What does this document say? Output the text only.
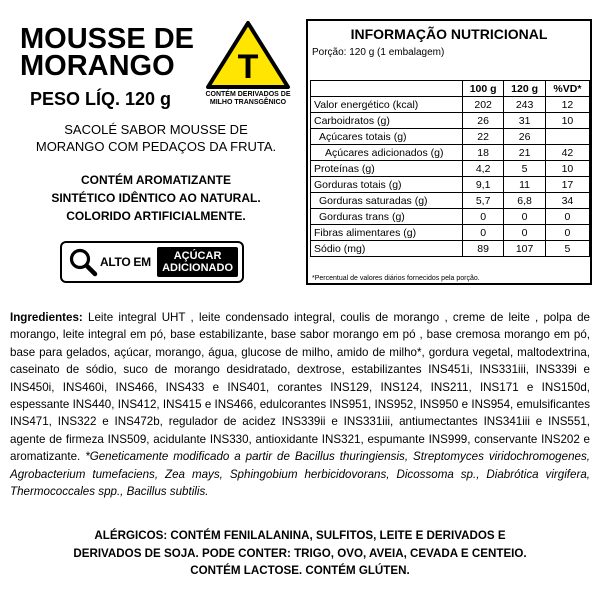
MOUSSE DE
MORANGO	T
CONTÉM DERIVADOS DE
MILHO TRANSGÊNICO
PESO LÍQ. 120 g
SACOLÉ SABOR MOUSSE DE
MORANGO COM PEDAÇOS DA FRUTA.
CONTÉM AROMATIZANTE
SINTÉTICO IDÊNTICO AO NATURAL.
COLORIDO ARTIFICIALMENTE.
ALTO EM	AÇÚCAR
ADICIONADO
INFORMAÇÃO NUTRICIONAL
Porção: 120 g (1 embalagem)
	100 g	120 g	%VD*
Valor energético (kcal)	202	243	12
Carboidratos (g)	26	31	10
Açúcares totais (g)	22	26	
Açúcares adicionados (g)	18	21	42
Proteínas (g)	4,2	5	10
Gorduras totais (g)	9,1	11	17
Gorduras saturadas (g)	5,7	6,8	34
Gorduras trans (g)	0	0	0
Fibras alimentares (g)	0	0	0
Sódio (mg)	89	107	5
*Percentual de valores diários fornecidos pela porção.

Ingredientes: Leite integral UHT , leite condensado integral, coulis de morango , creme de leite , polpa de morango, leite integral em pó, base estabilizante, base sabor morango em pó , base cremosa morango em pó, base para gelados, açúcar, morango, água, glucose de milho, amido de milho*, gordura vegetal, maltodextrina, caseinato de sódio, suco de morango desidratado, dextrose, estabilizantes INS451i, INS331iii, INS339i e INS450i, INS460i, INS466, INS433 e INS401, corantes INS129, INS124, INS211, INS171 e INS150d, espessante INS440, INS412, INS415 e INS466, edulcorantes INS951, INS952, INS950 e INS954, emulsificantes INS471, INS322 e INS472b, regulador de acidez INS339ii e INS331iii, antiumectantes INS341iii e INS551, agente de firmeza INS509, acidulante INS330, antioxidante INS321, espumante INS999, conservante INS202 e aromatizante. *Geneticamente modificado a partir de Bacillus thuringiensis, Streptomyces viridochromogenes, Agrobacterium tumefaciens, Zea mays, Sphingobium herbicidovorans, Dicossoma sp., Diabrótica virgifera, Thermococcales spp., Bacillus subtilis.

ALÉRGICOS: CONTÉM FENILALANINA, SULFITOS, LEITE E DERIVADOS E
DERIVADOS DE SOJA. PODE CONTER: TRIGO, OVO, AVEIA, CEVADA E CENTEIO.
CONTÉM LACTOSE. CONTÉM GLÚTEN.
